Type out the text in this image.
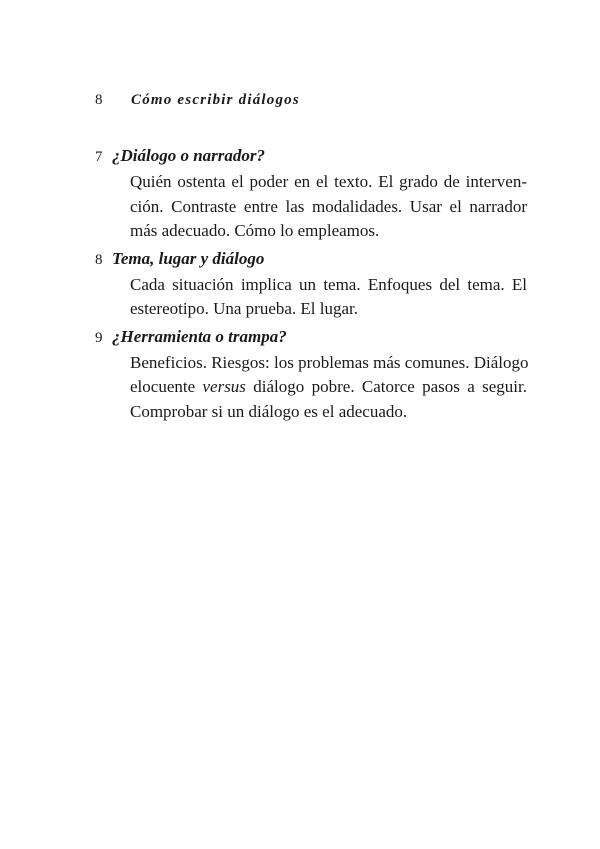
8 Cómo escribir diálogos
7 ¿Diálogo o narrador?
Quién ostenta el poder en el texto. El grado de interven-
ción. Contraste entre las modalidades. Usar el narrador
más adecuado. Cómo lo empleamos.
8 Tema, lugar y diálogo
Cada situación implica un tema. Enfoques del tema. El
estereotipo. Una prueba. El lugar.
9 ¿Herramienta o trampa?
Beneficios. Riesgos: los problemas más comunes. Diálogo
elocuente versus diálogo pobre. Catorce pasos a seguir.
Comprobar si un diálogo es el adecuado.
